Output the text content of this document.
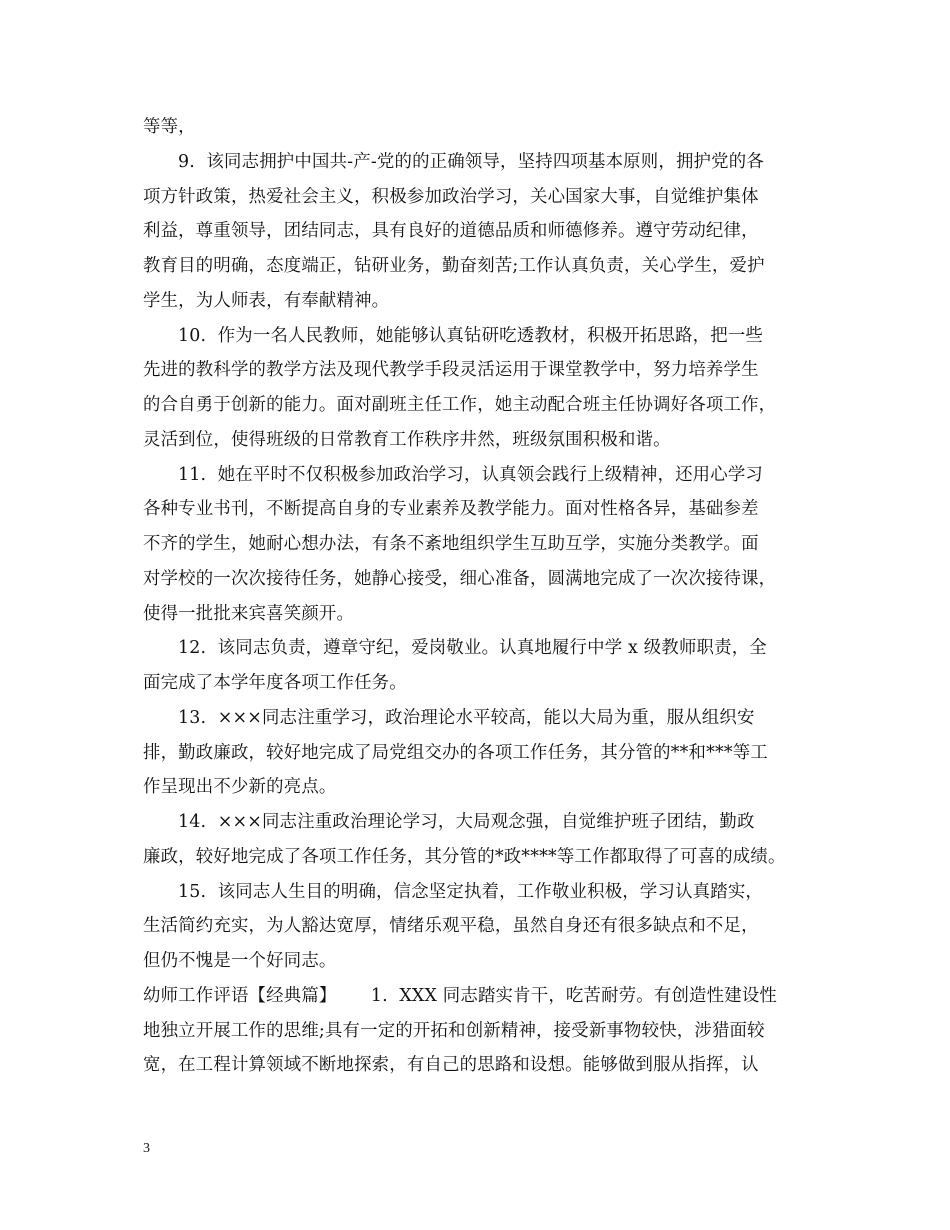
等等，
9.  该同志拥护中国共-产-党的的正确领导，坚持四项基本原则，拥护党的各
项方针政策，热爱社会主义，积极参加政治学习，关心国家大事，自觉维护集体
利益，尊重领导，团结同志，具有良好的道德品质和师德修养。遵守劳动纪律，
教育目的明确，态度端正，钻研业务，勤奋刻苦;工作认真负责，关心学生，爱护
学生，为人师表，有奉献精神。
10.  作为一名人民教师，她能够认真钻研吃透教材，积极开拓思路，把一些
先进的教科学的教学方法及现代教学手段灵活运用于课堂教学中，努力培养学生
的合自勇于创新的能力。面对副班主任工作，她主动配合班主任协调好各项工作，
灵活到位，使得班级的日常教育工作秩序井然，班级氛围积极和谐。
11.  她在平时不仅积极参加政治学习，认真领会践行上级精神，还用心学习
各种专业书刊，不断提高自身的专业素养及教学能力。面对性格各异，基础参差
不齐的学生，她耐心想办法，有条不紊地组织学生互助互学，实施分类教学。面
对学校的一次次接待任务，她静心接受，细心准备，圆满地完成了一次次接待课，
使得一批批来宾喜笑颜开。
12.  该同志负责，遵章守纪，爱岗敬业。认真地履行中学 x 级教师职责，全
面完成了本学年度各项工作任务。
13.  ×××同志注重学习，政治理论水平较高，能以大局为重，服从组织安
排，勤政廉政，较好地完成了局党组交办的各项工作任务，其分管的**和***等工
作呈现出不少新的亮点。
14.  ×××同志注重政治理论学习，大局观念强，自觉维护班子团结，勤政
廉政，较好地完成了各项工作任务，其分管的*政****等工作都取得了可喜的成绩。
15.  该同志人生目的明确，信念坚定执着，工作敬业积极，学习认真踏实，
生活简约充实，为人豁达宽厚，情绪乐观平稳，虽然自身还有很多缺点和不足，
但仍不愧是一个好同志。
幼师工作评语【经典篇】      1.  XXX 同志踏实肯干，吃苦耐劳。有创造性建设性
地独立开展工作的思维;具有一定的开拓和创新精神，接受新事物较快，涉猎面较
宽，在工程计算领域不断地探索，有自己的思路和设想。能够做到服从指挥，认
3
